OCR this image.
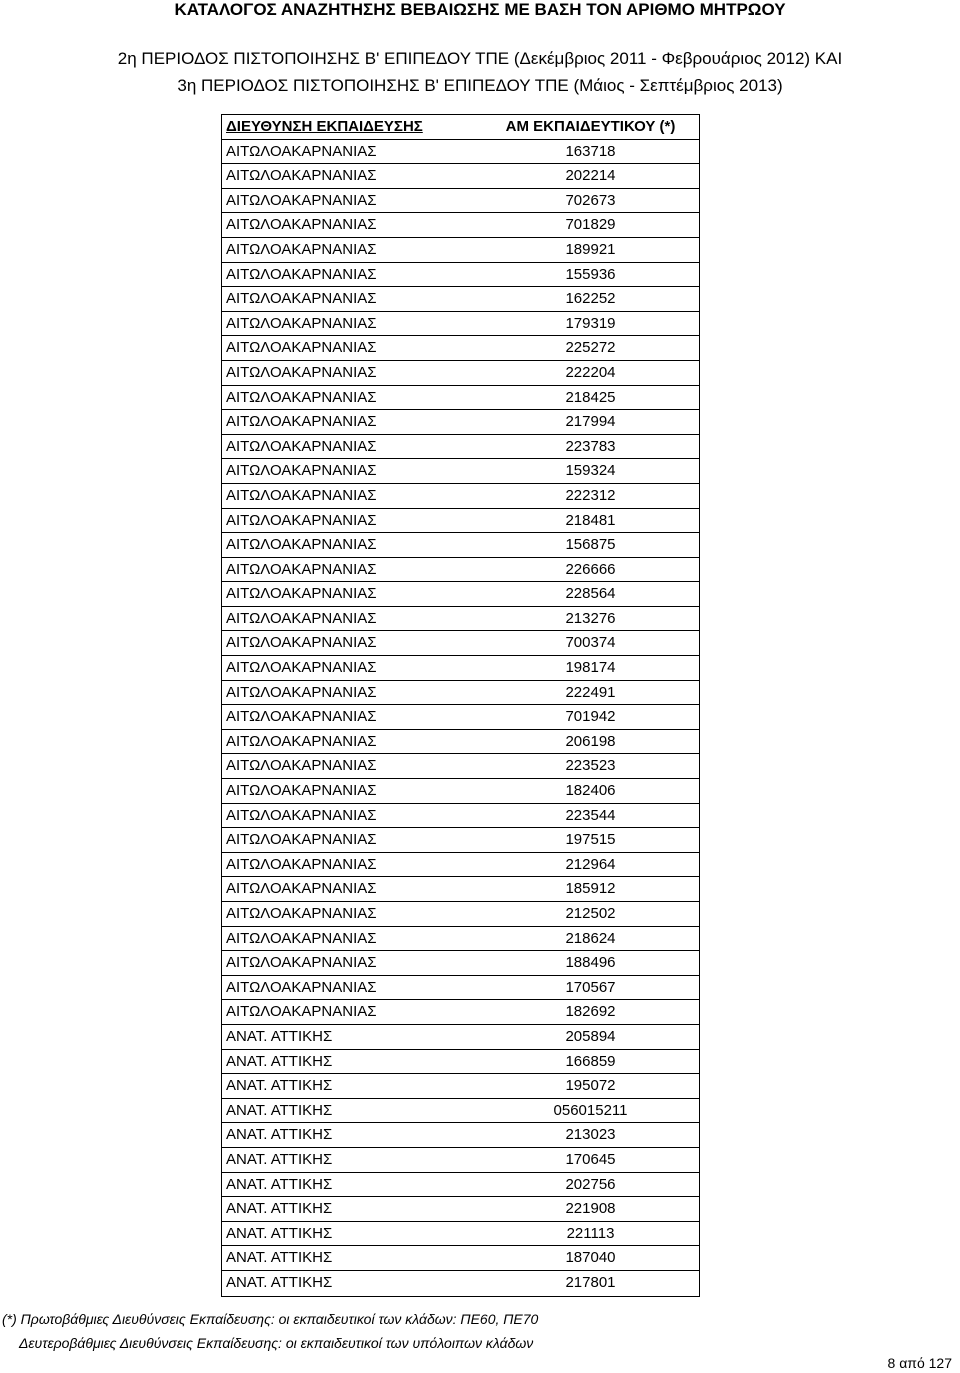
ΚΑΤΑΛΟΓΟΣ ΑΝΑΖΗΤΗΣΗΣ ΒΕΒΑΙΩΣΗΣ ΜΕ ΒΑΣΗ ΤΟΝ ΑΡΙΘΜΟ ΜΗΤΡΩΟΥ
2η ΠΕΡΙΟΔΟΣ ΠΙΣΤΟΠΟΙΗΣΗΣ Β' ΕΠΙΠΕΔΟΥ ΤΠΕ (Δεκέμβριος 2011 - Φεβρουάριος 2012) ΚΑΙ
3η ΠΕΡΙΟΔΟΣ ΠΙΣΤΟΠΟΙΗΣΗΣ Β' ΕΠΙΠΕΔΟΥ ΤΠΕ (Μάιος - Σεπτέμβριος 2013)
ΔΙΕΥΘΥΝΣΗ ΕΚΠΑΙΔΕΥΣΗΣ	ΑΜ ΕΚΠΑΙΔΕΥΤΙΚΟΥ (*)
ΑΙΤΩΛΟΑΚΑΡΝΑΝΙΑΣ	163718
ΑΙΤΩΛΟΑΚΑΡΝΑΝΙΑΣ	202214
ΑΙΤΩΛΟΑΚΑΡΝΑΝΙΑΣ	702673
ΑΙΤΩΛΟΑΚΑΡΝΑΝΙΑΣ	701829
ΑΙΤΩΛΟΑΚΑΡΝΑΝΙΑΣ	189921
ΑΙΤΩΛΟΑΚΑΡΝΑΝΙΑΣ	155936
ΑΙΤΩΛΟΑΚΑΡΝΑΝΙΑΣ	162252
ΑΙΤΩΛΟΑΚΑΡΝΑΝΙΑΣ	179319
ΑΙΤΩΛΟΑΚΑΡΝΑΝΙΑΣ	225272
ΑΙΤΩΛΟΑΚΑΡΝΑΝΙΑΣ	222204
ΑΙΤΩΛΟΑΚΑΡΝΑΝΙΑΣ	218425
ΑΙΤΩΛΟΑΚΑΡΝΑΝΙΑΣ	217994
ΑΙΤΩΛΟΑΚΑΡΝΑΝΙΑΣ	223783
ΑΙΤΩΛΟΑΚΑΡΝΑΝΙΑΣ	159324
ΑΙΤΩΛΟΑΚΑΡΝΑΝΙΑΣ	222312
ΑΙΤΩΛΟΑΚΑΡΝΑΝΙΑΣ	218481
ΑΙΤΩΛΟΑΚΑΡΝΑΝΙΑΣ	156875
ΑΙΤΩΛΟΑΚΑΡΝΑΝΙΑΣ	226666
ΑΙΤΩΛΟΑΚΑΡΝΑΝΙΑΣ	228564
ΑΙΤΩΛΟΑΚΑΡΝΑΝΙΑΣ	213276
ΑΙΤΩΛΟΑΚΑΡΝΑΝΙΑΣ	700374
ΑΙΤΩΛΟΑΚΑΡΝΑΝΙΑΣ	198174
ΑΙΤΩΛΟΑΚΑΡΝΑΝΙΑΣ	222491
ΑΙΤΩΛΟΑΚΑΡΝΑΝΙΑΣ	701942
ΑΙΤΩΛΟΑΚΑΡΝΑΝΙΑΣ	206198
ΑΙΤΩΛΟΑΚΑΡΝΑΝΙΑΣ	223523
ΑΙΤΩΛΟΑΚΑΡΝΑΝΙΑΣ	182406
ΑΙΤΩΛΟΑΚΑΡΝΑΝΙΑΣ	223544
ΑΙΤΩΛΟΑΚΑΡΝΑΝΙΑΣ	197515
ΑΙΤΩΛΟΑΚΑΡΝΑΝΙΑΣ	212964
ΑΙΤΩΛΟΑΚΑΡΝΑΝΙΑΣ	185912
ΑΙΤΩΛΟΑΚΑΡΝΑΝΙΑΣ	212502
ΑΙΤΩΛΟΑΚΑΡΝΑΝΙΑΣ	218624
ΑΙΤΩΛΟΑΚΑΡΝΑΝΙΑΣ	188496
ΑΙΤΩΛΟΑΚΑΡΝΑΝΙΑΣ	170567
ΑΙΤΩΛΟΑΚΑΡΝΑΝΙΑΣ	182692
ΑΝΑΤ. ΑΤΤΙΚΗΣ	205894
ΑΝΑΤ. ΑΤΤΙΚΗΣ	166859
ΑΝΑΤ. ΑΤΤΙΚΗΣ	195072
ΑΝΑΤ. ΑΤΤΙΚΗΣ	056015211
ΑΝΑΤ. ΑΤΤΙΚΗΣ	213023
ΑΝΑΤ. ΑΤΤΙΚΗΣ	170645
ΑΝΑΤ. ΑΤΤΙΚΗΣ	202756
ΑΝΑΤ. ΑΤΤΙΚΗΣ	221908
ΑΝΑΤ. ΑΤΤΙΚΗΣ	221113
ΑΝΑΤ. ΑΤΤΙΚΗΣ	187040
ΑΝΑΤ. ΑΤΤΙΚΗΣ	217801
(*) Πρωτοβάθμιες Διευθύνσεις Εκπαίδευσης: οι εκπαιδευτικοί των κλάδων: ΠΕ60, ΠΕ70
Δευτεροβάθμιες Διευθύνσεις Εκπαίδευσης: οι εκπαιδευτικοί των υπόλοιπων κλάδων
8 από 127
